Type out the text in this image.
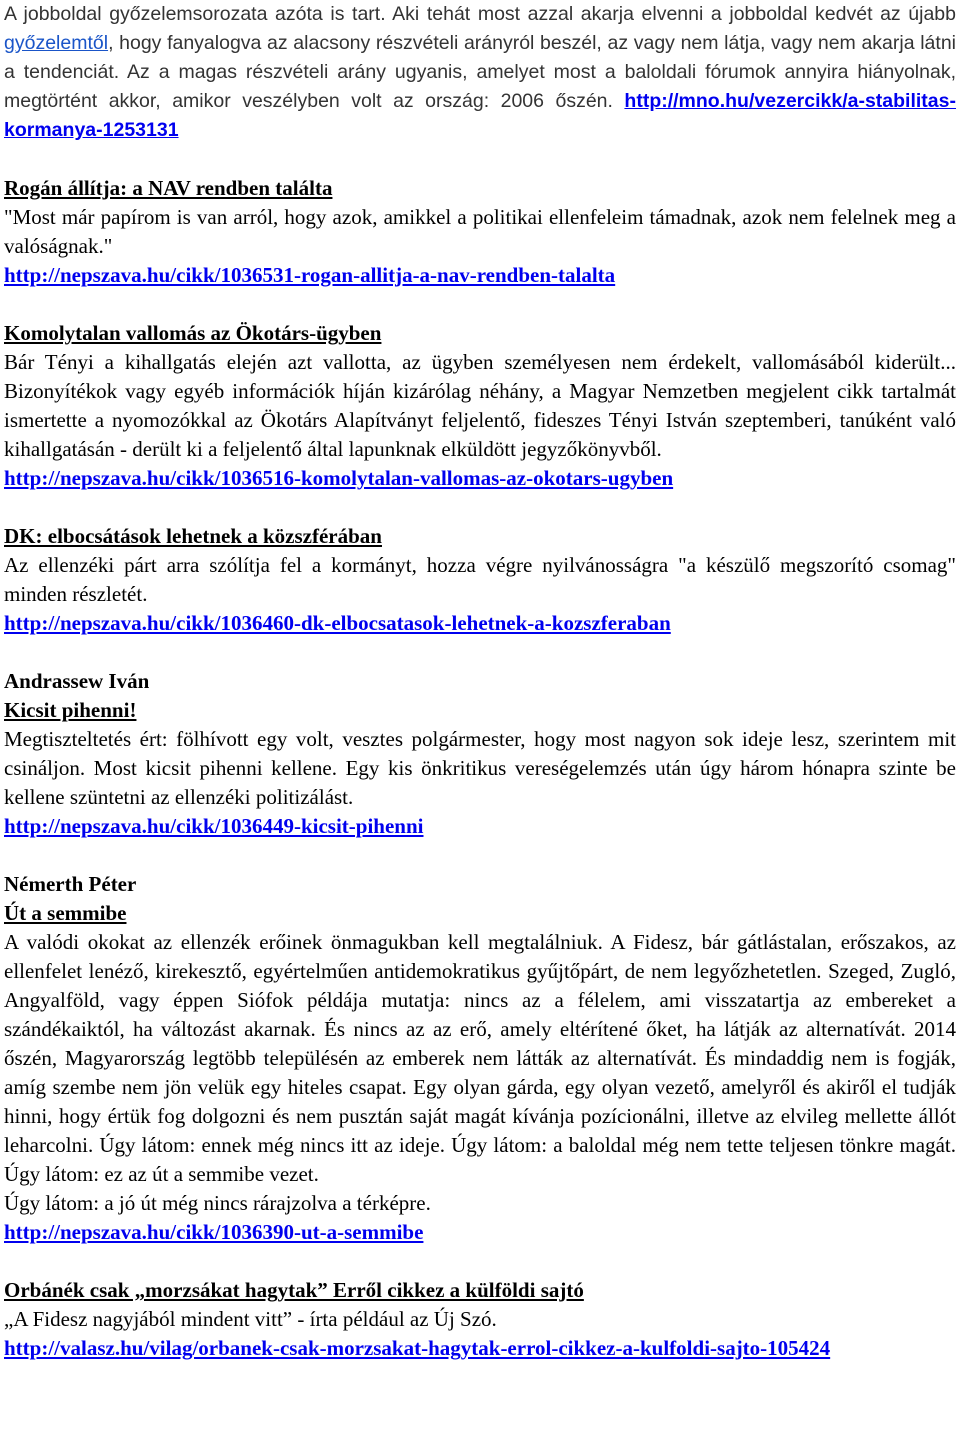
A jobboldal győzelemsorozata azóta is tart. Aki tehát most azzal akarja elvenni a jobboldal kedvét az újabb győzelemtől, hogy fanyalogva az alacsony részvételi arányról beszél, az vagy nem látja, vagy nem akarja látni a tendenciát. Az a magas részvételi arány ugyanis, amelyet most a baloldali fórumok annyira hiányolnak, megtörtént akkor, amikor veszélyben volt az ország: 2006 őszén. http://mno.hu/vezercikk/a-stabilitas-kormanya-1253131

Rogán állítja: a NAV rendben találta

"Most már papírom is van arról, hogy azok, amikkel a politikai ellenfeleim támadnak, azok nem felelnek meg a valóságnak."

http://nepszava.hu/cikk/1036531-rogan-allitja-a-nav-rendben-talalta

Komolytalan vallomás az Ökotárs-ügyben

Bár Tényi a kihallgatás elején azt vallotta, az ügyben személyesen nem érdekelt, vallomásából kiderült... Bizonyítékok vagy egyéb információk híján kizárólag néhány, a Magyar Nemzetben megjelent cikk tartalmát ismertette a nyomozókkal az Ökotárs Alapítványt feljelentő, fideszes Tényi István szeptemberi, tanúként való kihallgatásán - derült ki a feljelentő által lapunknak elküldött jegyzőkönyvből.

http://nepszava.hu/cikk/1036516-komolytalan-vallomas-az-okotars-ugyben

DK: elbocsátások lehetnek a közszférában

Az ellenzéki párt arra szólítja fel a kormányt, hozza végre nyilvánosságra "a készülő megszorító csomag" minden részletét.

http://nepszava.hu/cikk/1036460-dk-elbocsatasok-lehetnek-a-kozszferaban

Andrassew Iván

Kicsit pihenni!

Megtiszteltetés ért: fölhívott egy volt, vesztes polgármester, hogy most nagyon sok ideje lesz, szerintem mit csináljon. Most kicsit pihenni kellene. Egy kis önkritikus vereségelemzés után úgy három hónapra szinte be kellene szüntetni az ellenzéki politizálást.

http://nepszava.hu/cikk/1036449-kicsit-pihenni

Némerth Péter

Út a semmibe

A valódi okokat az ellenzék erőinek önmagukban kell megtalálniuk. A Fidesz, bár gátlástalan, erőszakos, az ellenfelet lenéző, kirekesztő, egyértelműen antidemokratikus gyűjtőpárt, de nem legyőzhetetlen. Szeged, Zugló, Angyalföld, vagy éppen Siófok példája mutatja: nincs az a félelem, ami visszatartja az embereket a szándékaiktól, ha változást akarnak. És nincs az az erő, amely eltérítené őket, ha látják az alternatívát. 2014 őszén, Magyarország legtöbb településén az emberek nem látták az alternatívát. És mindaddig nem is fogják, amíg szembe nem jön velük egy hiteles csapat. Egy olyan gárda, egy olyan vezető, amelyről és akiről el tudják hinni, hogy értük fog dolgozni és nem pusztán saját magát kívánja pozícionálni, illetve az elvileg mellette állót leharcolni. Úgy látom: ennek még nincs itt az ideje. Úgy látom: a baloldal még nem tette teljesen tönkre magát. Úgy látom: ez az út a semmibe vezet.

Úgy látom: a jó út még nincs rárajzolva a térképre.

http://nepszava.hu/cikk/1036390-ut-a-semmibe

Orbánék csak „morzsákat hagytak” Erről cikkez a külföldi sajtó

„A Fidesz nagyjából mindent vitt” - írta például az Új Szó.

http://valasz.hu/vilag/orbanek-csak-morzsakat-hagytak-errol-cikkez-a-kulfoldi-sajto-105424
